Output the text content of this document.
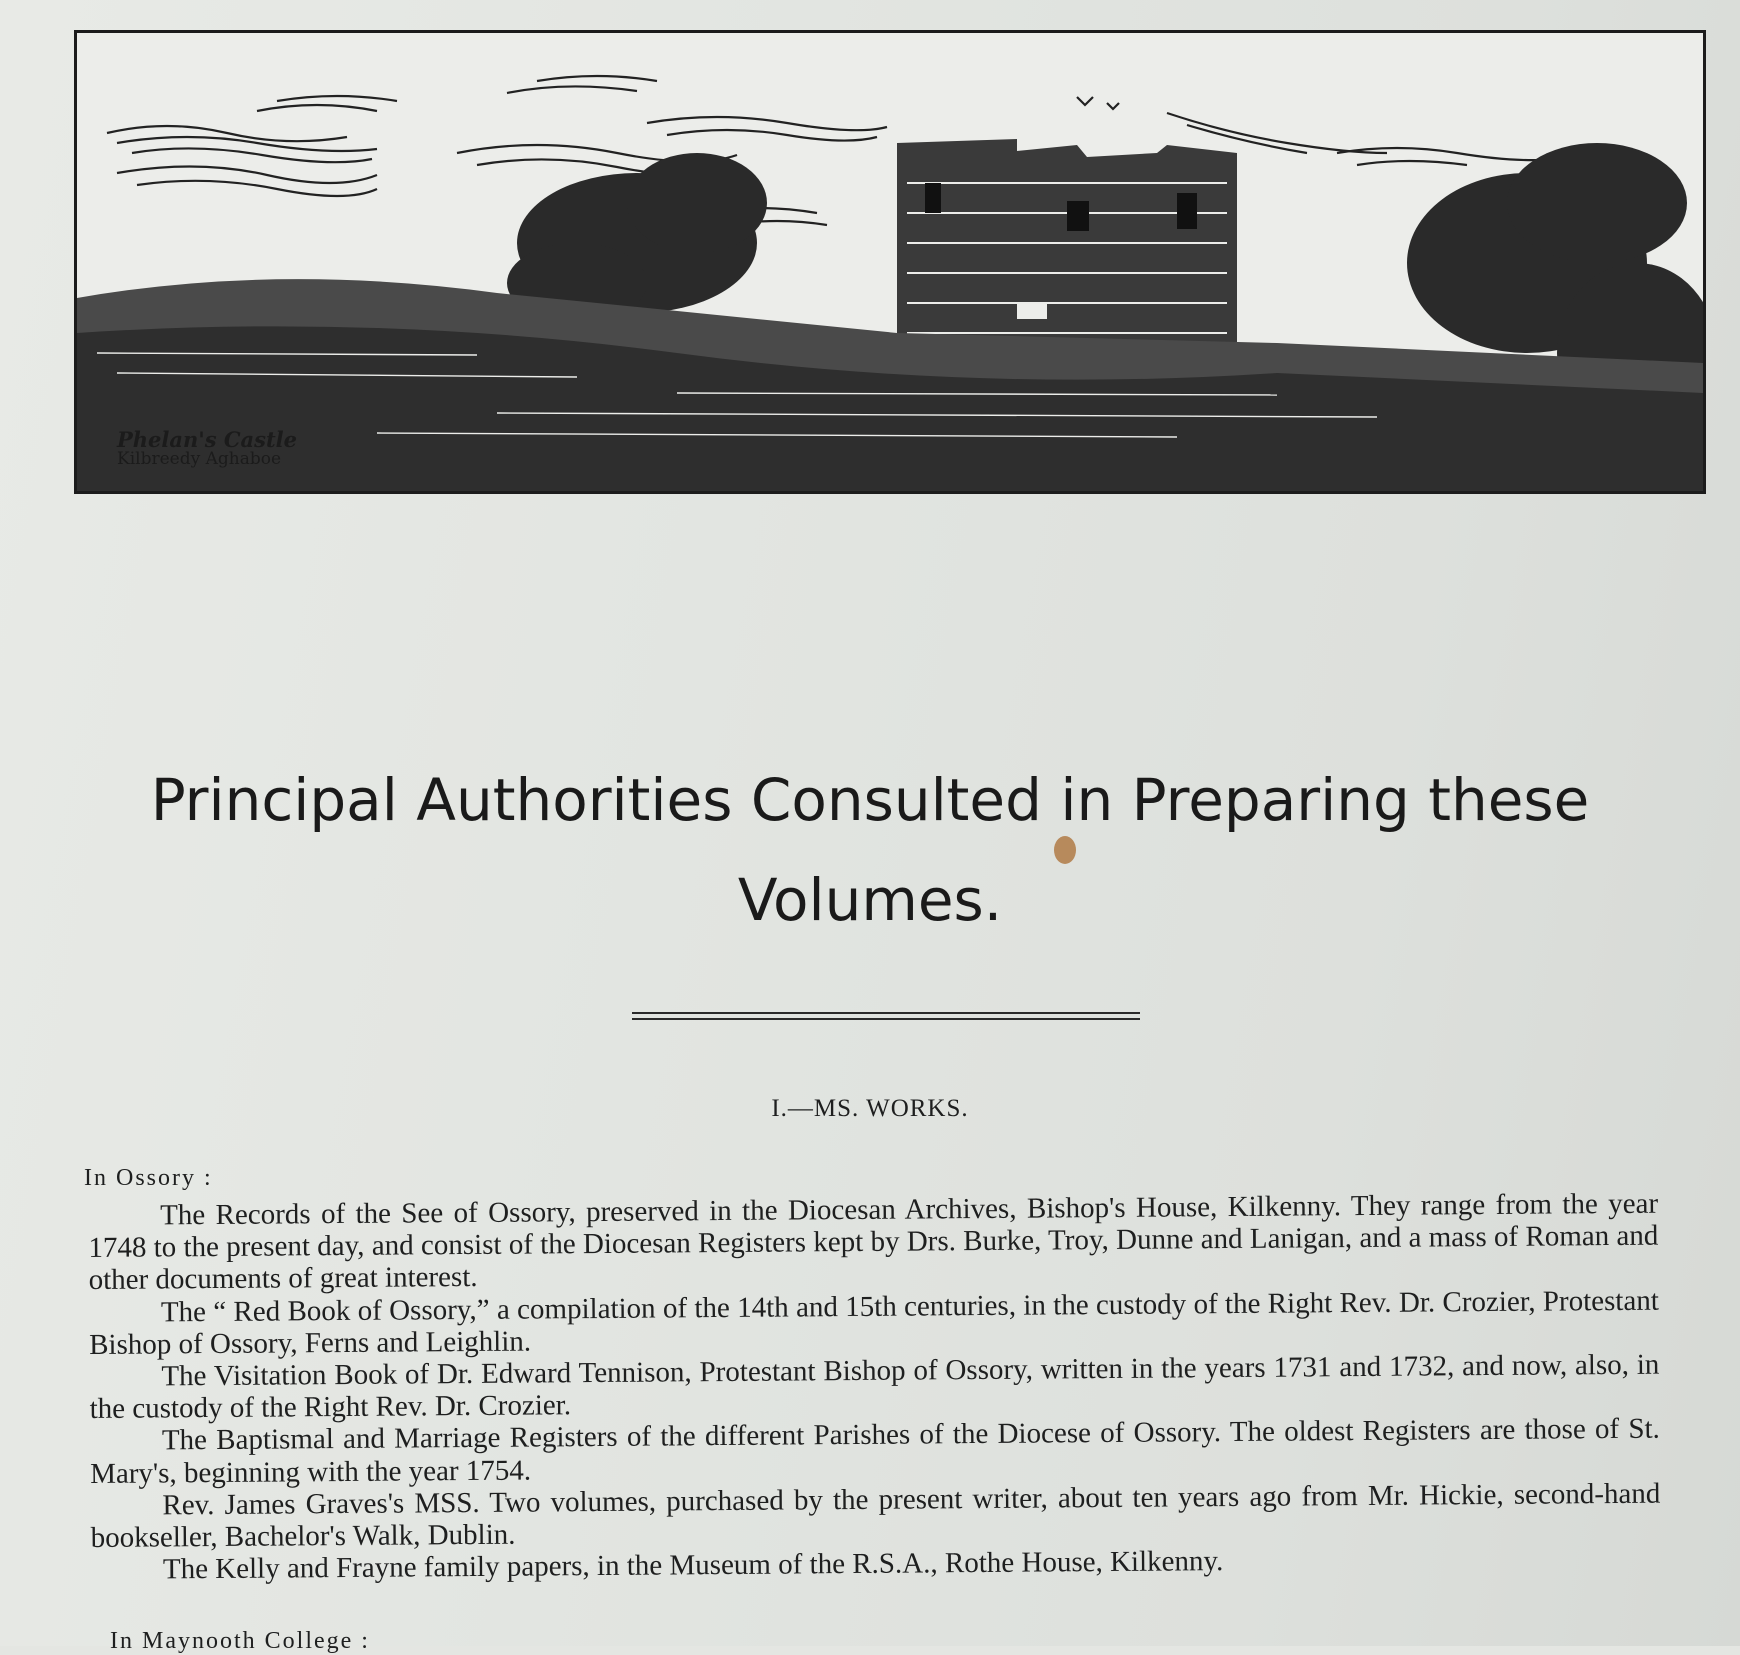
Phelan's Castle
Kilbreedy Aghaboe
Principal Authorities Consulted in Preparing these Volumes.
I.—MS. WORKS.
In Ossory :

The Records of the See of Ossory, preserved in the Diocesan Archives, Bishop's House, Kilkenny. They range from the year 1748 to the present day, and consist of the Diocesan Registers kept by Drs. Burke, Troy, Dunne and Lanigan, and a mass of Roman and other documents of great interest.

The “ Red Book of Ossory,” a compilation of the 14th and 15th centuries, in the custody of the Right Rev. Dr. Crozier, Protestant Bishop of Ossory, Ferns and Leighlin.

The Visitation Book of Dr. Edward Tennison, Protestant Bishop of Ossory, written in the years 1731 and 1732, and now, also, in the custody of the Right Rev. Dr. Crozier.

The Baptismal and Marriage Registers of the different Parishes of the Diocese of Ossory. The oldest Registers are those of St. Mary's, beginning with the year 1754.

Rev. James Graves's MSS. Two volumes, purchased by the present writer, about ten years ago from Mr. Hickie, second-hand bookseller, Bachelor's Walk, Dublin.

The Kelly and Frayne family papers, in the Museum of the R.S.A., Rothe House, Kilkenny.

In Maynooth College :
